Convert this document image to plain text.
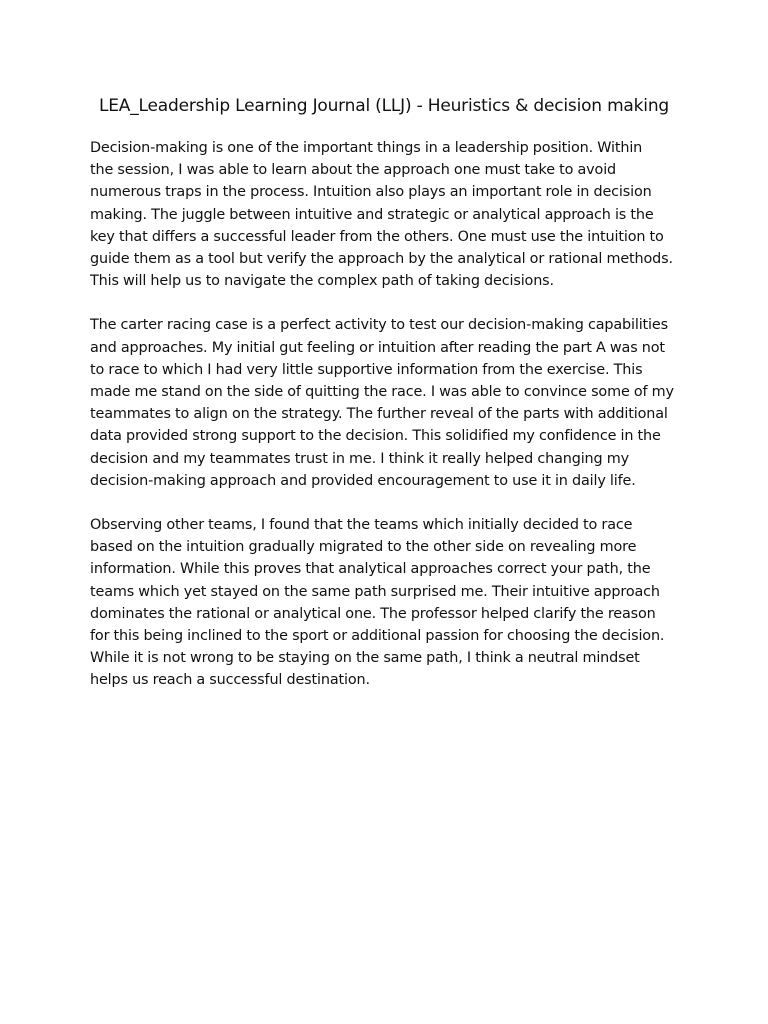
LEA_Leadership Learning Journal (LLJ) - Heuristics & decision making

Decision-making is one of the important things in a leadership position. Within
the session, I was able to learn about the approach one must take to avoid
numerous traps in the process. Intuition also plays an important role in decision
making. The juggle between intuitive and strategic or analytical approach is the
key that differs a successful leader from the others. One must use the intuition to
guide them as a tool but verify the approach by the analytical or rational methods.
This will help us to navigate the complex path of taking decisions.

The carter racing case is a perfect activity to test our decision-making capabilities
and approaches. My initial gut feeling or intuition after reading the part A was not
to race to which I had very little supportive information from the exercise. This
made me stand on the side of quitting the race. I was able to convince some of my
teammates to align on the strategy. The further reveal of the parts with additional
data provided strong support to the decision. This solidified my confidence in the
decision and my teammates trust in me. I think it really helped changing my
decision-making approach and provided encouragement to use it in daily life.

Observing other teams, I found that the teams which initially decided to race
based on the intuition gradually migrated to the other side on revealing more
information. While this proves that analytical approaches correct your path, the
teams which yet stayed on the same path surprised me. Their intuitive approach
dominates the rational or analytical one. The professor helped clarify the reason
for this being inclined to the sport or additional passion for choosing the decision.
While it is not wrong to be staying on the same path, I think a neutral mindset
helps us reach a successful destination.
